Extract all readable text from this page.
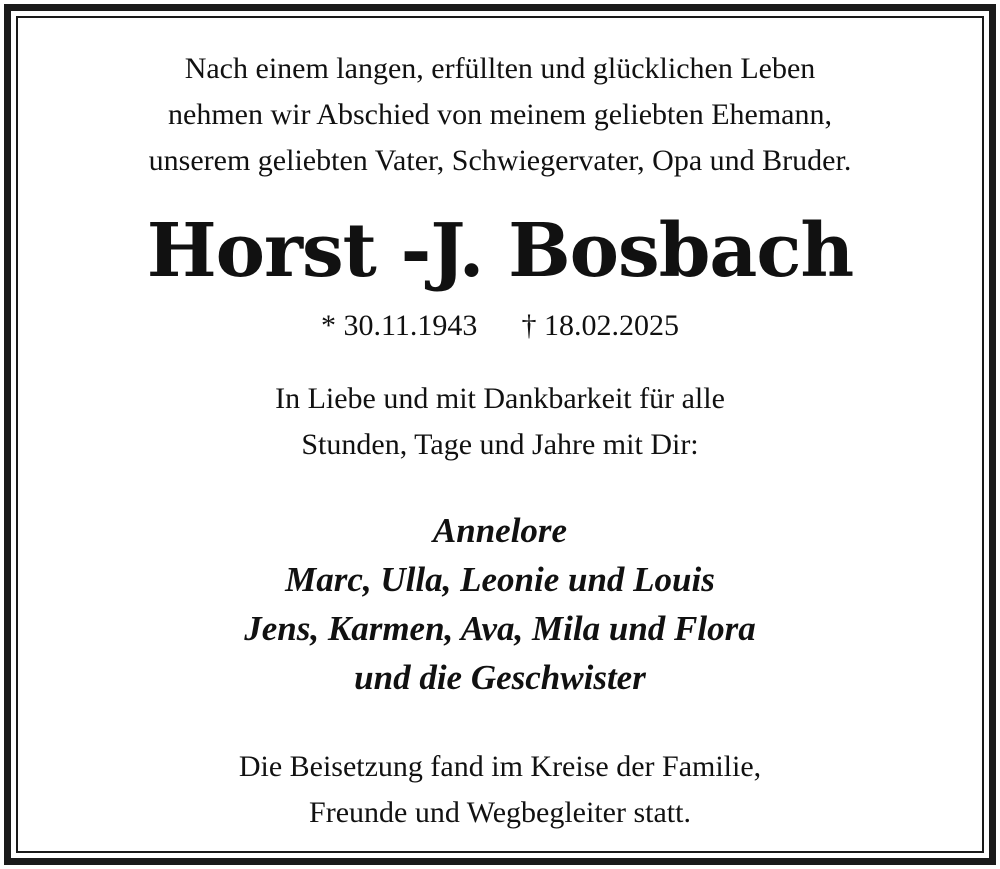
Nach einem langen, erfüllten und glücklichen Leben
nehmen wir Abschied von meinem geliebten Ehemann,
unserem geliebten Vater, Schwiegervater, Opa und Bruder.
Horst -J. Bosbach
* 30.11.1943 † 18.02.2025
In Liebe und mit Dankbarkeit für alle
Stunden, Tage und Jahre mit Dir:
Annelore
Marc, Ulla, Leonie und Louis
Jens, Karmen, Ava, Mila und Flora
und die Geschwister
Die Beisetzung fand im Kreise der Familie,
Freunde und Wegbegleiter statt.
